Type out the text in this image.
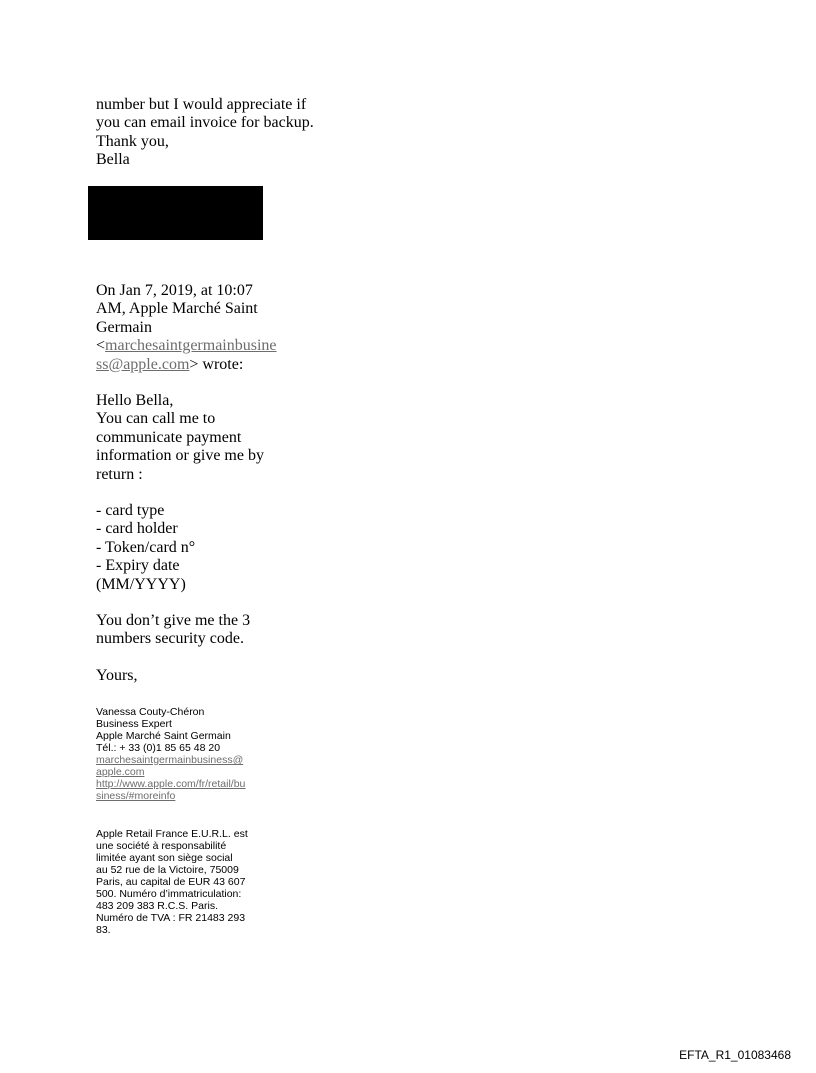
number but I would appreciate if
you can email invoice for backup.
Thank you,
Bella
On Jan 7, 2019, at 10:07
AM, Apple Marché Saint
Germain
<marchesaintgermainbusine
ss@apple.com> wrote:
Hello Bella,
You can call me to
communicate payment
information or give me by
return :
- card type
- card holder
- Token/card n°
- Expiry date
(MM/YYYY)
You don’t give me the 3
numbers security code.
Yours,
Vanessa Couty-Chéron
Business Expert
Apple Marché Saint Germain
Tél.: + 33 (0)1 85 65 48 20
marchesaintgermainbusiness@
apple.com
http://www.apple.com/fr/retail/bu
siness/#moreinfo
Apple Retail France E.U.R.L. est
une société à responsabilité
limitée ayant son siège social
au 52 rue de la Victoire, 75009
Paris, au capital de EUR 43 607
500. Numéro d’immatriculation:
483 209 383 R.C.S. Paris.
Numéro de TVA : FR 21483 293
83.
EFTA_R1_01083468
